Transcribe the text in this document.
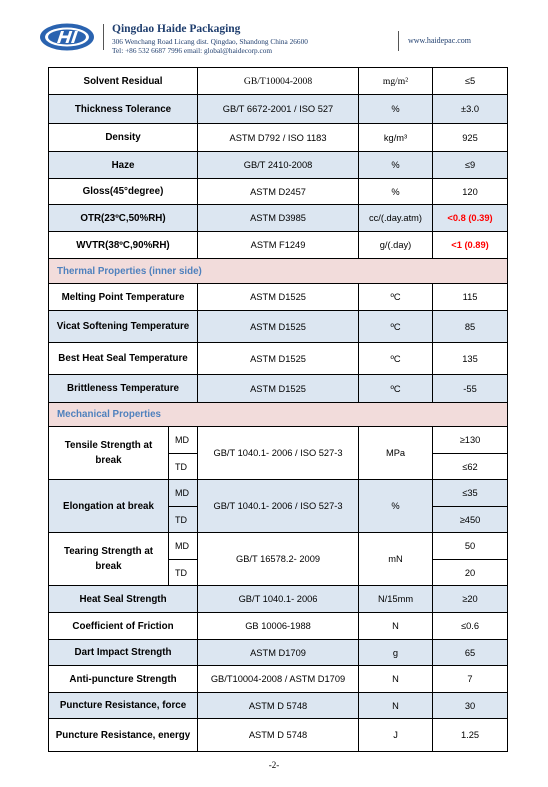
Qingdao Haide Packaging
306 Wenchang Road Licang dist. Qingdao, Shandong China 26600
Tel: +86 532 6687 7996 email: global@haidecorp.com
www.haidepac.com
Solvent Residual		GB/T10004-2008	mg/m²	≤5
Thickness Tolerance		GB/T 6672-2001 / ISO 527	%	±3.0
Density		ASTM D792 / ISO 1183	kg/m³	925
Haze		GB/T 2410-2008	%	≤9
Gloss(45°degree)		ASTM D2457	%	120
OTR(23ºC,50%RH)		ASTM D3985	cc/(.day.atm)	<0.8 (0.39)
WVTR(38ºC,90%RH)		ASTM F1249	g/(.day)	<1 (0.89)
Thermal Properties (inner side)				
Melting Point Temperature		ASTM D1525	ºC	115
Vicat Softening Temperature		ASTM D1525	ºC	85
Best Heat Seal Temperature		ASTM D1525	ºC	135
Brittleness Temperature		ASTM D1525	ºC	-55
Mechanical Properties				
Tensile Strength at break	MD	GB/T 1040.1- 2006 / ISO 527-3	MPa	≥130
	TD			≤62
Elongation at break	MD	GB/T 1040.1- 2006 / ISO 527-3	%	≤35
	TD			≥450
Tearing Strength at break	MD	GB/T 16578.2- 2009	mN	50
	TD			20
Heat Seal Strength		GB/T 1040.1- 2006	N/15mm	≥20
Coefficient of Friction		GB 10006-1988	N	≤0.6
Dart Impact Strength		ASTM D1709	g	65
Anti-puncture Strength		GB/T10004-2008 / ASTM D1709	N	7
Puncture Resistance, force		ASTM D 5748	N	30
Puncture Resistance, energy		ASTM D 5748	J	1.25
-2-
